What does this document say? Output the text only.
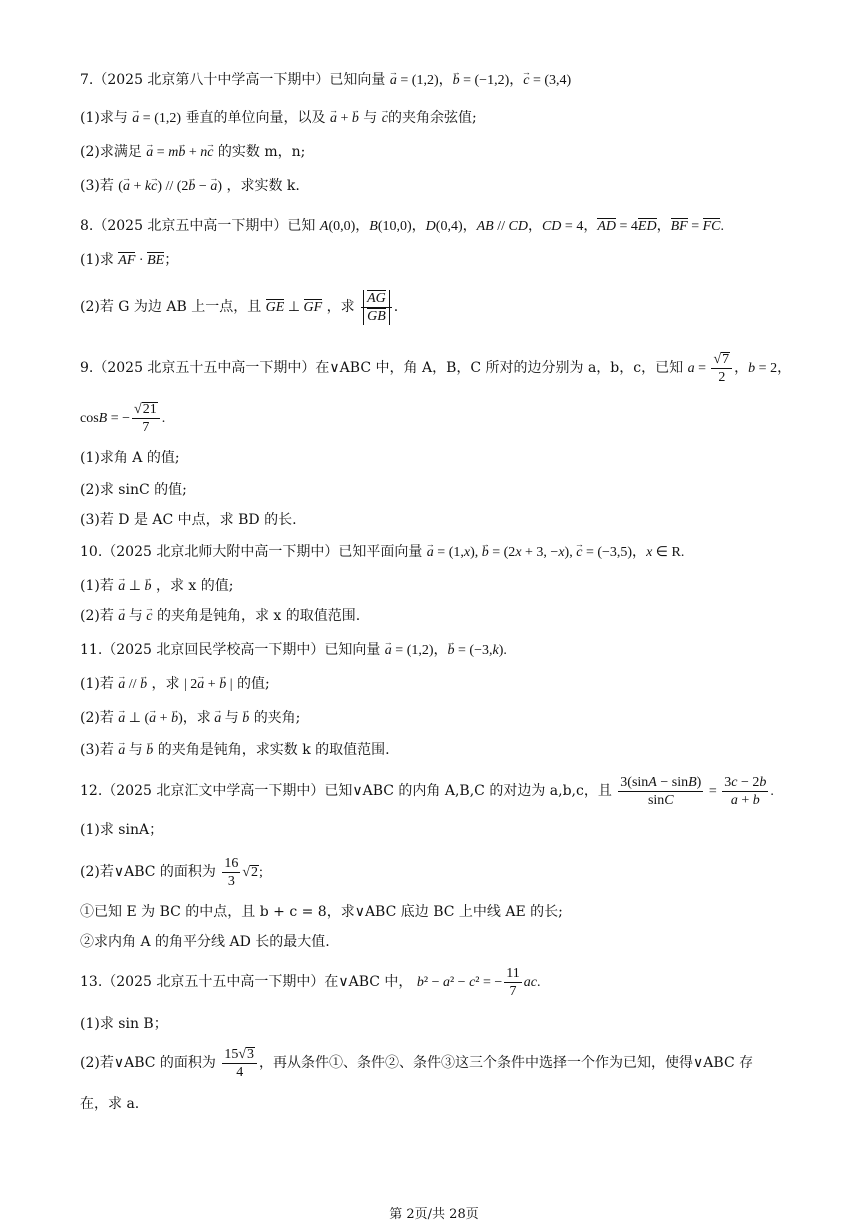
7.（2025 北京第八十中学高一下期中）已知向量 → a = (1,2)，→ b = (−1,2)，→ c = (3,4)
(1)求与 → a = (1,2) 垂直的单位向量，以及 → a + → b 与 → c的夹角余弦值;
(2)求满足 → a = m→ b + n→ c 的实数 m，n;
(3)若 (→ a + k→ c) // (2→ b − → a) ，求实数 k.
8.（2025 北京五中高一下期中）已知 A(0,0)，B(10,0)，D(0,4)，AB // CD，CD = 4，AD = 4ED，BF = FC.
(1)求 AF · BE；
(2)若 G 为边 AB 上一点，且 GE ⊥ GF ，求 $\frac{AG}{GB}$ .
9.（2025 北京五十五中高一下期中）在∨ABC 中，角 A，B，C 所对的边分别为 a，b，c，已知 $a = \frac{√7}{2}$ ，b = 2，
cosB = − $\frac{√21}{7}$ .
(1)求角 A 的值;
(2)求 sinC 的值;
(3)若 D 是 AC 中点，求 BD 的长.
10.（2025 北京北师大附中高一下期中）已知平面向量 → a = (1,x), → b = (2x + 3, −x), → c = (−3,5)，x ∈ R.
(1)若 → a ⊥ → b ，求 x 的值;
(2)若 → a 与 → c 的夹角是钝角，求 x 的取值范围.
11.（2025 北京回民学校高一下期中）已知向量 → a = (1,2)，→ b = (−3,k).
(1)若 → a // → b ，求 | 2→ a + → b | 的值;
(2)若 → a ⊥ (→ a + → b)，求 → a 与 → b 的夹角;
(3)若 → a 与 → b 的夹角是钝角，求实数 k 的取值范围.
12.（2025 北京汇文中学高一下期中）已知∨ABC 的内角 A,B,C 的对边为 a,b,c，且 $\frac{3(\sin A - \sin B)}{\sin C} = \frac{3c - 2b}{a + b}$ .
(1)求 sinA；
(2)若∨ABC 的面积为 $\frac{16}{3} √2$;
①已知 E 为 BC 的中点，且 b + c = 8，求∨ABC 底边 BC 上中线 AE 的长;
②求内角 A 的角平分线 AD 长的最大值.
13.（2025 北京五十五中高一下期中）在∨ABC 中， b² − a² − c² = − $\frac{11}{7}$ ac.
(1)求 sin B；
(2)若∨ABC 的面积为 $\frac{15√3}{4}$ ，再从条件①、条件②、条件③这三个条件中选择一个作为已知，使得∨ABC 存
在，求 a.
第 2页/共 28页
